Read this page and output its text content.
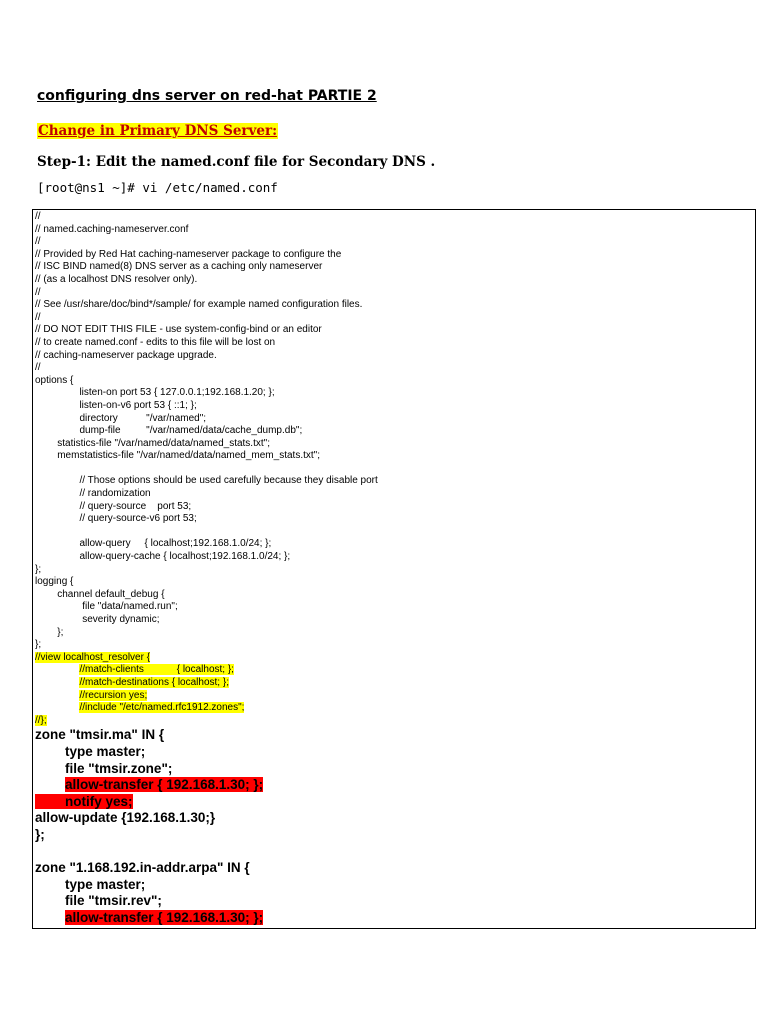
configuring dns server on red-hat PARTIE 2
Change in Primary DNS Server:
Step-1: Edit the named.conf file for Secondary DNS .
[root@ns1 ~]# vi /etc/named.conf
//
// named.caching-nameserver.conf
//
// Provided by Red Hat caching-nameserver package to configure the
// ISC BIND named(8) DNS server as a caching only nameserver
// (as a localhost DNS resolver only).
//
// See /usr/share/doc/bind*/sample/ for example named configuration files.
//
// DO NOT EDIT THIS FILE - use system-config-bind or an editor
// to create named.conf - edits to this file will be lost on
// caching-nameserver package upgrade.
//
options {
		listen-on port 53 { 127.0.0.1;192.168.1.20; };
		listen-on-v6 port 53 { ::1; };
		directory		"/var/named";
		dump-file		"/var/named/data/cache_dump.db";
statistics-file "/var/named/data/named_stats.txt";
memstatistics-file "/var/named/data/named_mem_stats.txt";
		// Those options should be used carefully because they disable port
		// randomization
		// query-source    port 53;
		// query-source-v6 port 53;
		allow-query     { localhost;192.168.1.0/24; };
		allow-query-cache { localhost;192.168.1.0/24; };
};
logging {
channel default_debug {
		file "data/named.run";
		severity dynamic;
};
};
//view localhost_resolver {
		//match-clients	{ localhost; };
		//match-destinations { localhost; };
		//recursion yes;
		//include "/etc/named.rfc1912.zones";
//};
zone "tmsir.ma" IN {
	type master;
	file "tmsir.zone";
	allow-transfer { 192.168.1.30; };
	notify yes;
allow-update {192.168.1.30;}
};
zone "1.168.192.in-addr.arpa" IN {
	type master;
	file "tmsir.rev";
	allow-transfer { 192.168.1.30; };
